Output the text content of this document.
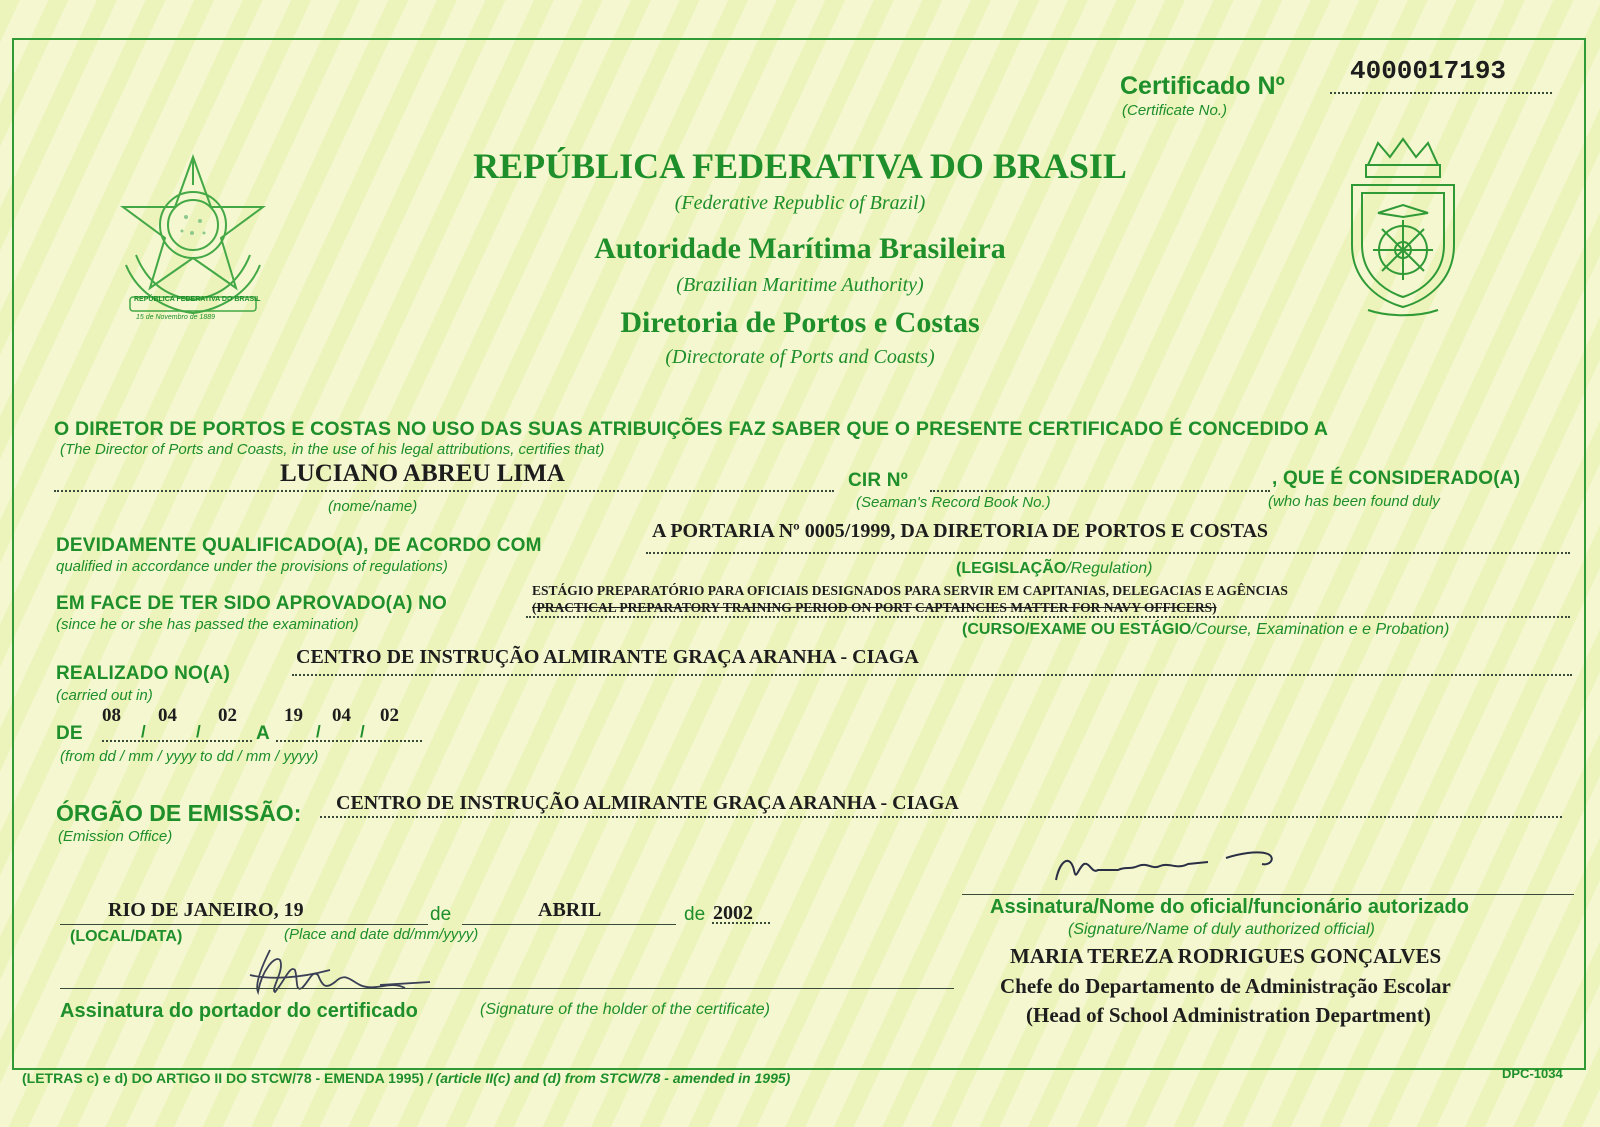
Certificado Nº
(Certificate No.)
4000017193
REPÚBLICA FEDERATIVA DO BRASIL
15 de Novembro de 1889
REPÚBLICA FEDERATIVA DO BRASIL
(Federative Republic of Brazil)
Autoridade Marítima Brasileira
(Brazilian Maritime Authority)
Diretoria de Portos e Costas
(Directorate of Ports and Coasts)
O DIRETOR DE PORTOS E COSTAS NO USO DAS SUAS ATRIBUIÇÕES FAZ SABER QUE O PRESENTE CERTIFICADO É CONCEDIDO A
(The Director of Ports and Coasts, in the use of his legal attributions, certifies that)
LUCIANO ABREU LIMA
(nome/name)
CIR Nº
(Seaman's Record Book No.)
, QUE É CONSIDERADO(A)
(who has been found duly
DEVIDAMENTE QUALIFICADO(A), DE ACORDO COM
qualified in accordance under the provisions of regulations)
A PORTARIA Nº 0005/1999, DA DIRETORIA DE PORTOS E COSTAS
(LEGISLAÇÃO/Regulation)
EM FACE DE TER SIDO APROVADO(A) NO
(since he or she has passed the examination)
ESTÁGIO PREPARATÓRIO PARA OFICIAIS DESIGNADOS PARA SERVIR EM CAPITANIAS, DELEGACIAS E AGÊNCIAS
(PRACTICAL PREPARATORY TRAINING PERIOD ON PORT CAPTAINCIES MATTER FOR NAVY OFFICERS)
(CURSO/EXAME OU ESTÁGIO/Course, Examination e e Probation)
CENTRO DE INSTRUÇÃO ALMIRANTE GRAÇA ARANHA - CIAGA
REALIZADO NO(A)
(carried out in)
DE
08 04 02
/	/	A
19 04 02
/ /
(from dd / mm / yyyy to dd / mm / yyyy)
ÓRGÃO DE EMISSÃO: CENTRO DE INSTRUÇÃO ALMIRANTE GRAÇA ARANHA - CIAGA
(Emission Office)
RIO DE JANEIRO, 19	de	ABRIL	de 2002
(LOCAL/DATA)	(Place and date dd/mm/yyyy)
Assinatura do portador do certificado	(Signature of the holder of the certificate)
Assinatura/Nome do oficial/funcionário autorizado
(Signature/Name of duly authorized official)
MARIA TEREZA RODRIGUES GONÇALVES
Chefe do Departamento de Administração Escolar
(Head of School Administration Department)
(LETRAS c) e d) DO ARTIGO II DO STCW/78 - EMENDA 1995) / (article II(c) and (d) from STCW/78 - amended in 1995)	DPC-1034
